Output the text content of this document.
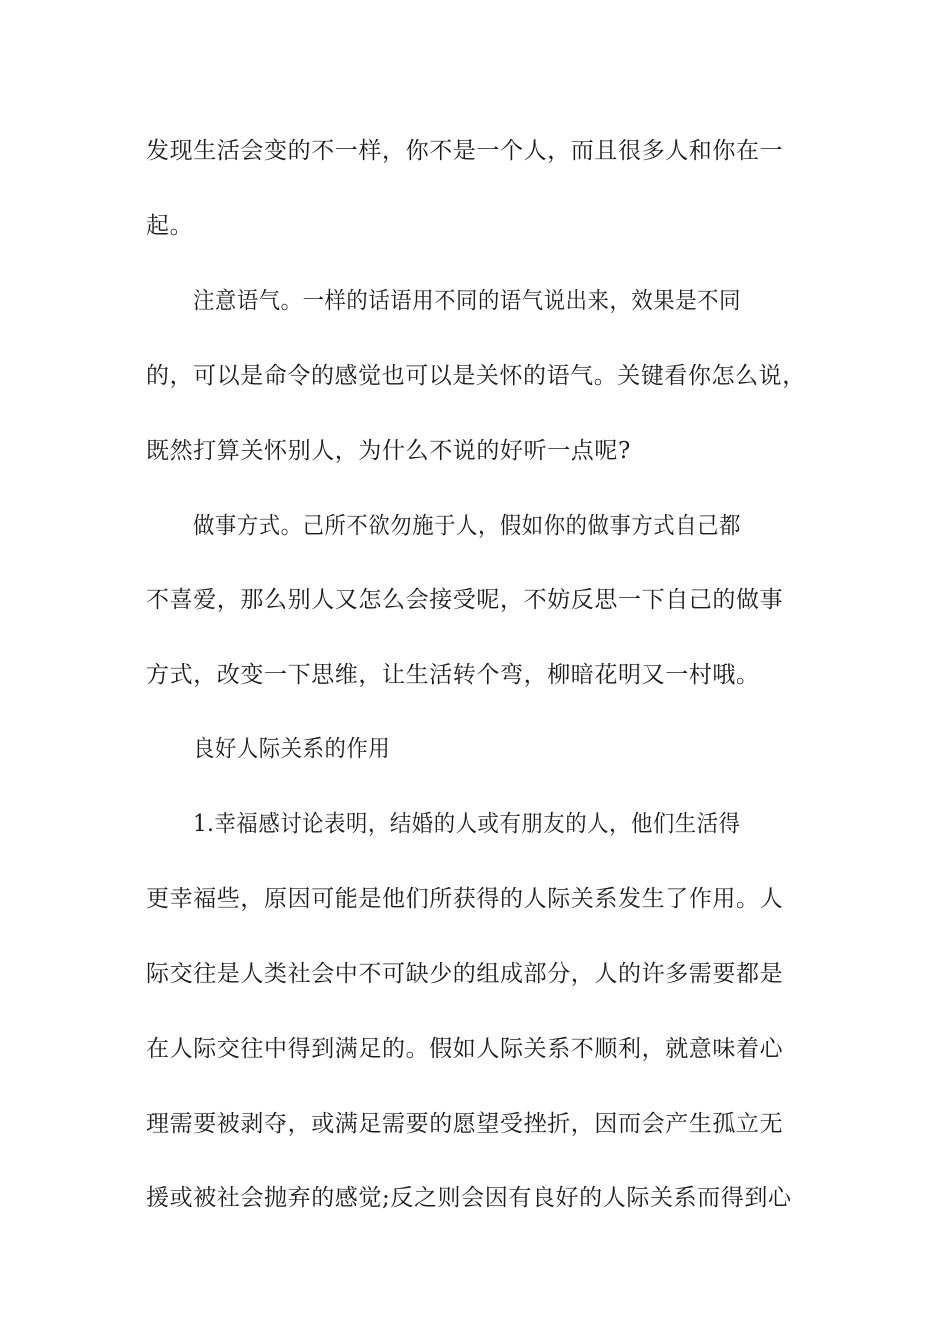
发现生活会变的不一样，你不是一个人，而且很多人和你在一
起。
注意语气。一样的话语用不同的语气说出来，效果是不同
的，可以是命令的感觉也可以是关怀的语气。关键看你怎么说，
既然打算关怀别人，为什么不说的好听一点呢?
做事方式。己所不欲勿施于人，假如你的做事方式自己都
不喜爱，那么别人又怎么会接受呢，不妨反思一下自己的做事
方式，改变一下思维，让生活转个弯，柳暗花明又一村哦。
良好人际关系的作用
1.幸福感讨论表明，结婚的人或有朋友的人，他们生活得
更幸福些，原因可能是他们所获得的人际关系发生了作用。人
际交往是人类社会中不可缺少的组成部分，人的许多需要都是
在人际交往中得到满足的。假如人际关系不顺利，就意味着心
理需要被剥夺，或满足需要的愿望受挫折，因而会产生孤立无
援或被社会抛弃的感觉;反之则会因有良好的人际关系而得到心
